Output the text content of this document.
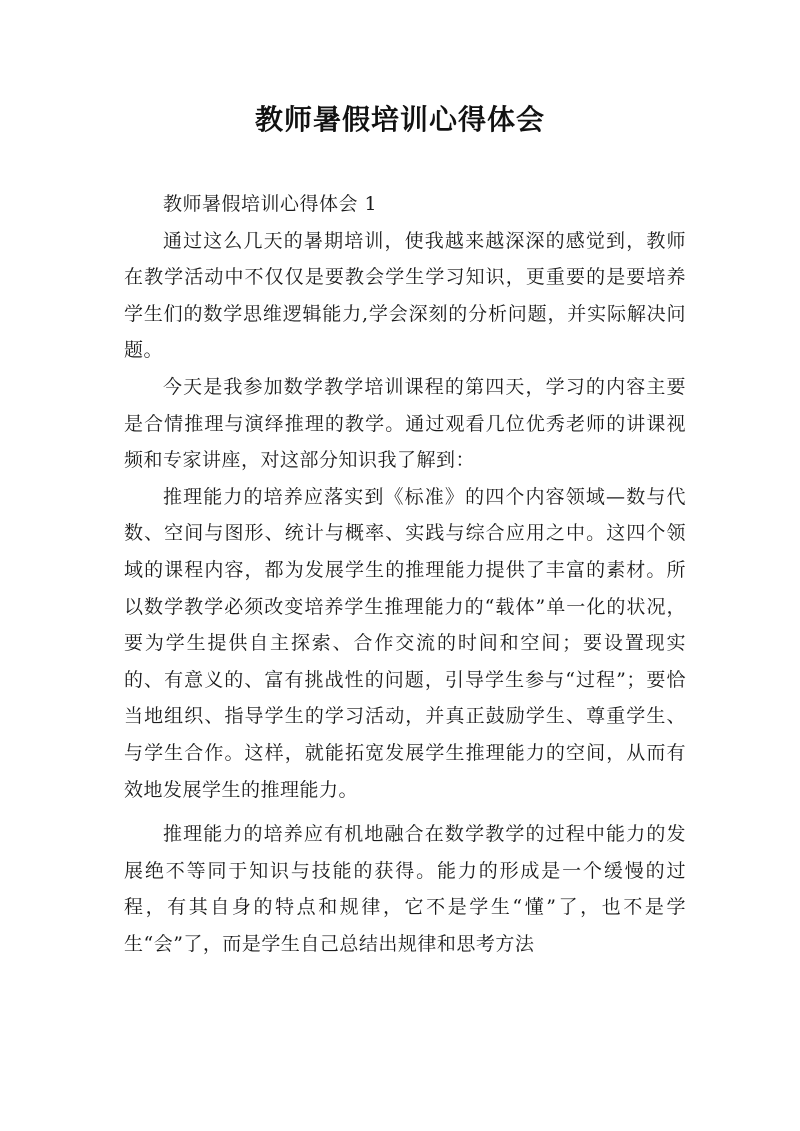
教师暑假培训心得体会

教师暑假培训心得体会 1

通过这么几天的暑期培训，使我越来越深深的感觉到，教师在教学活动中不仅仅是要教会学生学习知识，更重要的是要培养学生们的数学思维逻辑能力,学会深刻的分析问题，并实际解决问题。

今天是我参加数学教学培训课程的第四天，学习的内容主要是合情推理与演绎推理的教学。通过观看几位优秀老师的讲课视频和专家讲座，对这部分知识我了解到：

推理能力的培养应落实到《标准》的四个内容领域—数与代数、空间与图形、统计与概率、实践与综合应用之中。这四个领域的课程内容，都为发展学生的推理能力提供了丰富的素材。所以数学教学必须改变培养学生推理能力的“载体”单一化的状况，要为学生提供自主探索、合作交流的时间和空间；要设置现实的、有意义的、富有挑战性的问题，引导学生参与“过程”；要恰当地组织、指导学生的学习活动，并真正鼓励学生、尊重学生、与学生合作。这样，就能拓宽发展学生推理能力的空间，从而有效地发展学生的推理能力。

推理能力的培养应有机地融合在数学教学的过程中能力的发展绝不等同于知识与技能的获得。能力的形成是一个缓慢的过程，有其自身的特点和规律，它不是学生“懂”了，也不是学生“会”了，而是学生自己总结出规律和思考方法
